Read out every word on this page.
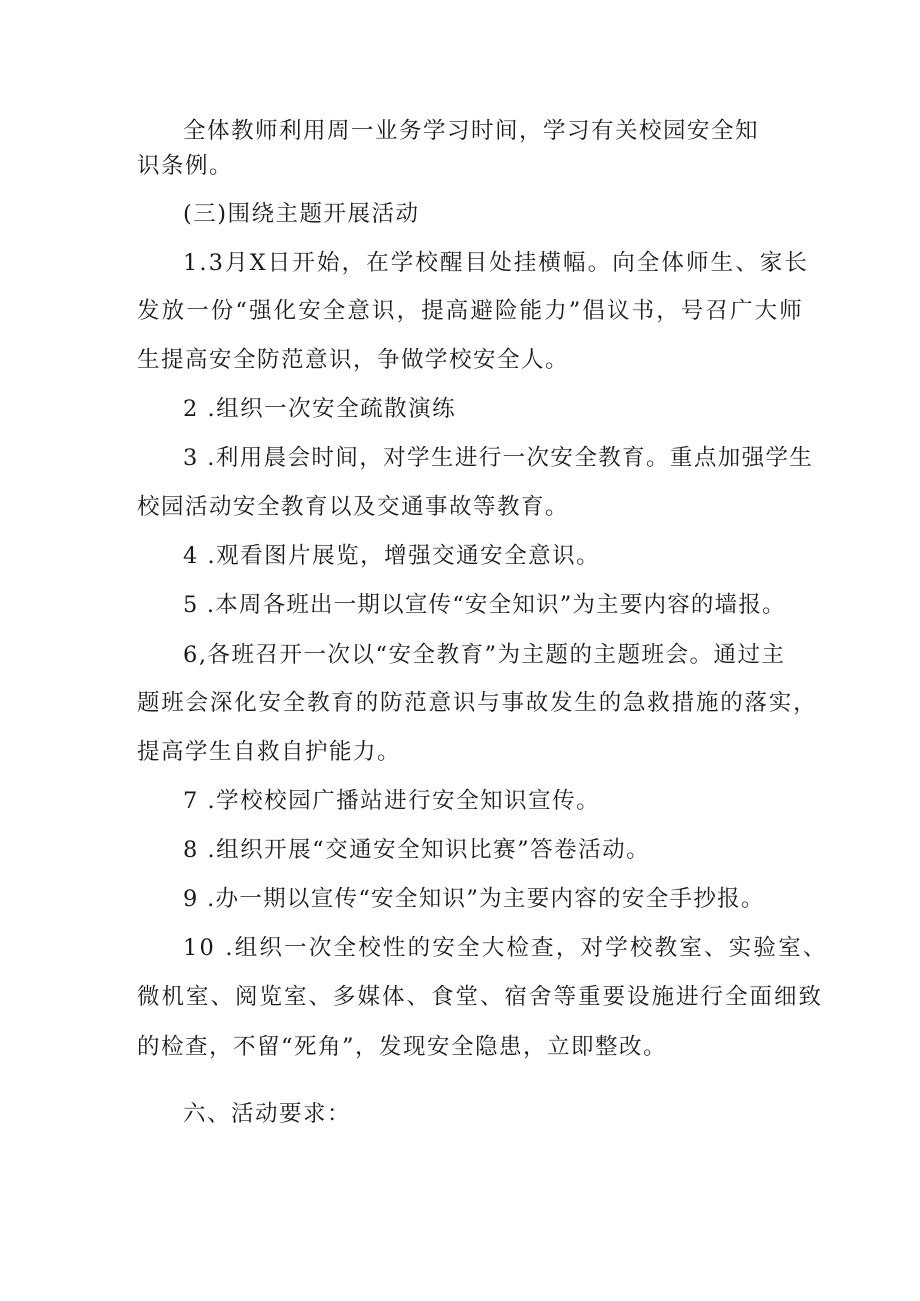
全体教师利用周一业务学习时间，学习有关校园安全知
识条例。
(三)围绕主题开展活动
1.3月X日开始，在学校醒目处挂横幅。向全体师生、家长
发放一份“强化安全意识，提高避险能力”倡议书，号召广大师
生提高安全防范意识，争做学校安全人。
2 .组织一次安全疏散演练
3 .利用晨会时间，对学生进行一次安全教育。重点加强学生
校园活动安全教育以及交通事故等教育。
4 .观看图片展览，增强交通安全意识。
5 .本周各班出一期以宣传“安全知识”为主要内容的墙报。
6,各班召开一次以“安全教育”为主题的主题班会。通过主
题班会深化安全教育的防范意识与事故发生的急救措施的落实，
提高学生自救自护能力。
7 .学校校园广播站进行安全知识宣传。
8 .组织开展“交通安全知识比赛”答卷活动。
9 .办一期以宣传“安全知识”为主要内容的安全手抄报。
10 .组织一次全校性的安全大检查，对学校教室、实验室、
微机室、阅览室、多媒体、食堂、宿舍等重要设施进行全面细致
的检查，不留“死角”，发现安全隐患，立即整改。
六、活动要求：
